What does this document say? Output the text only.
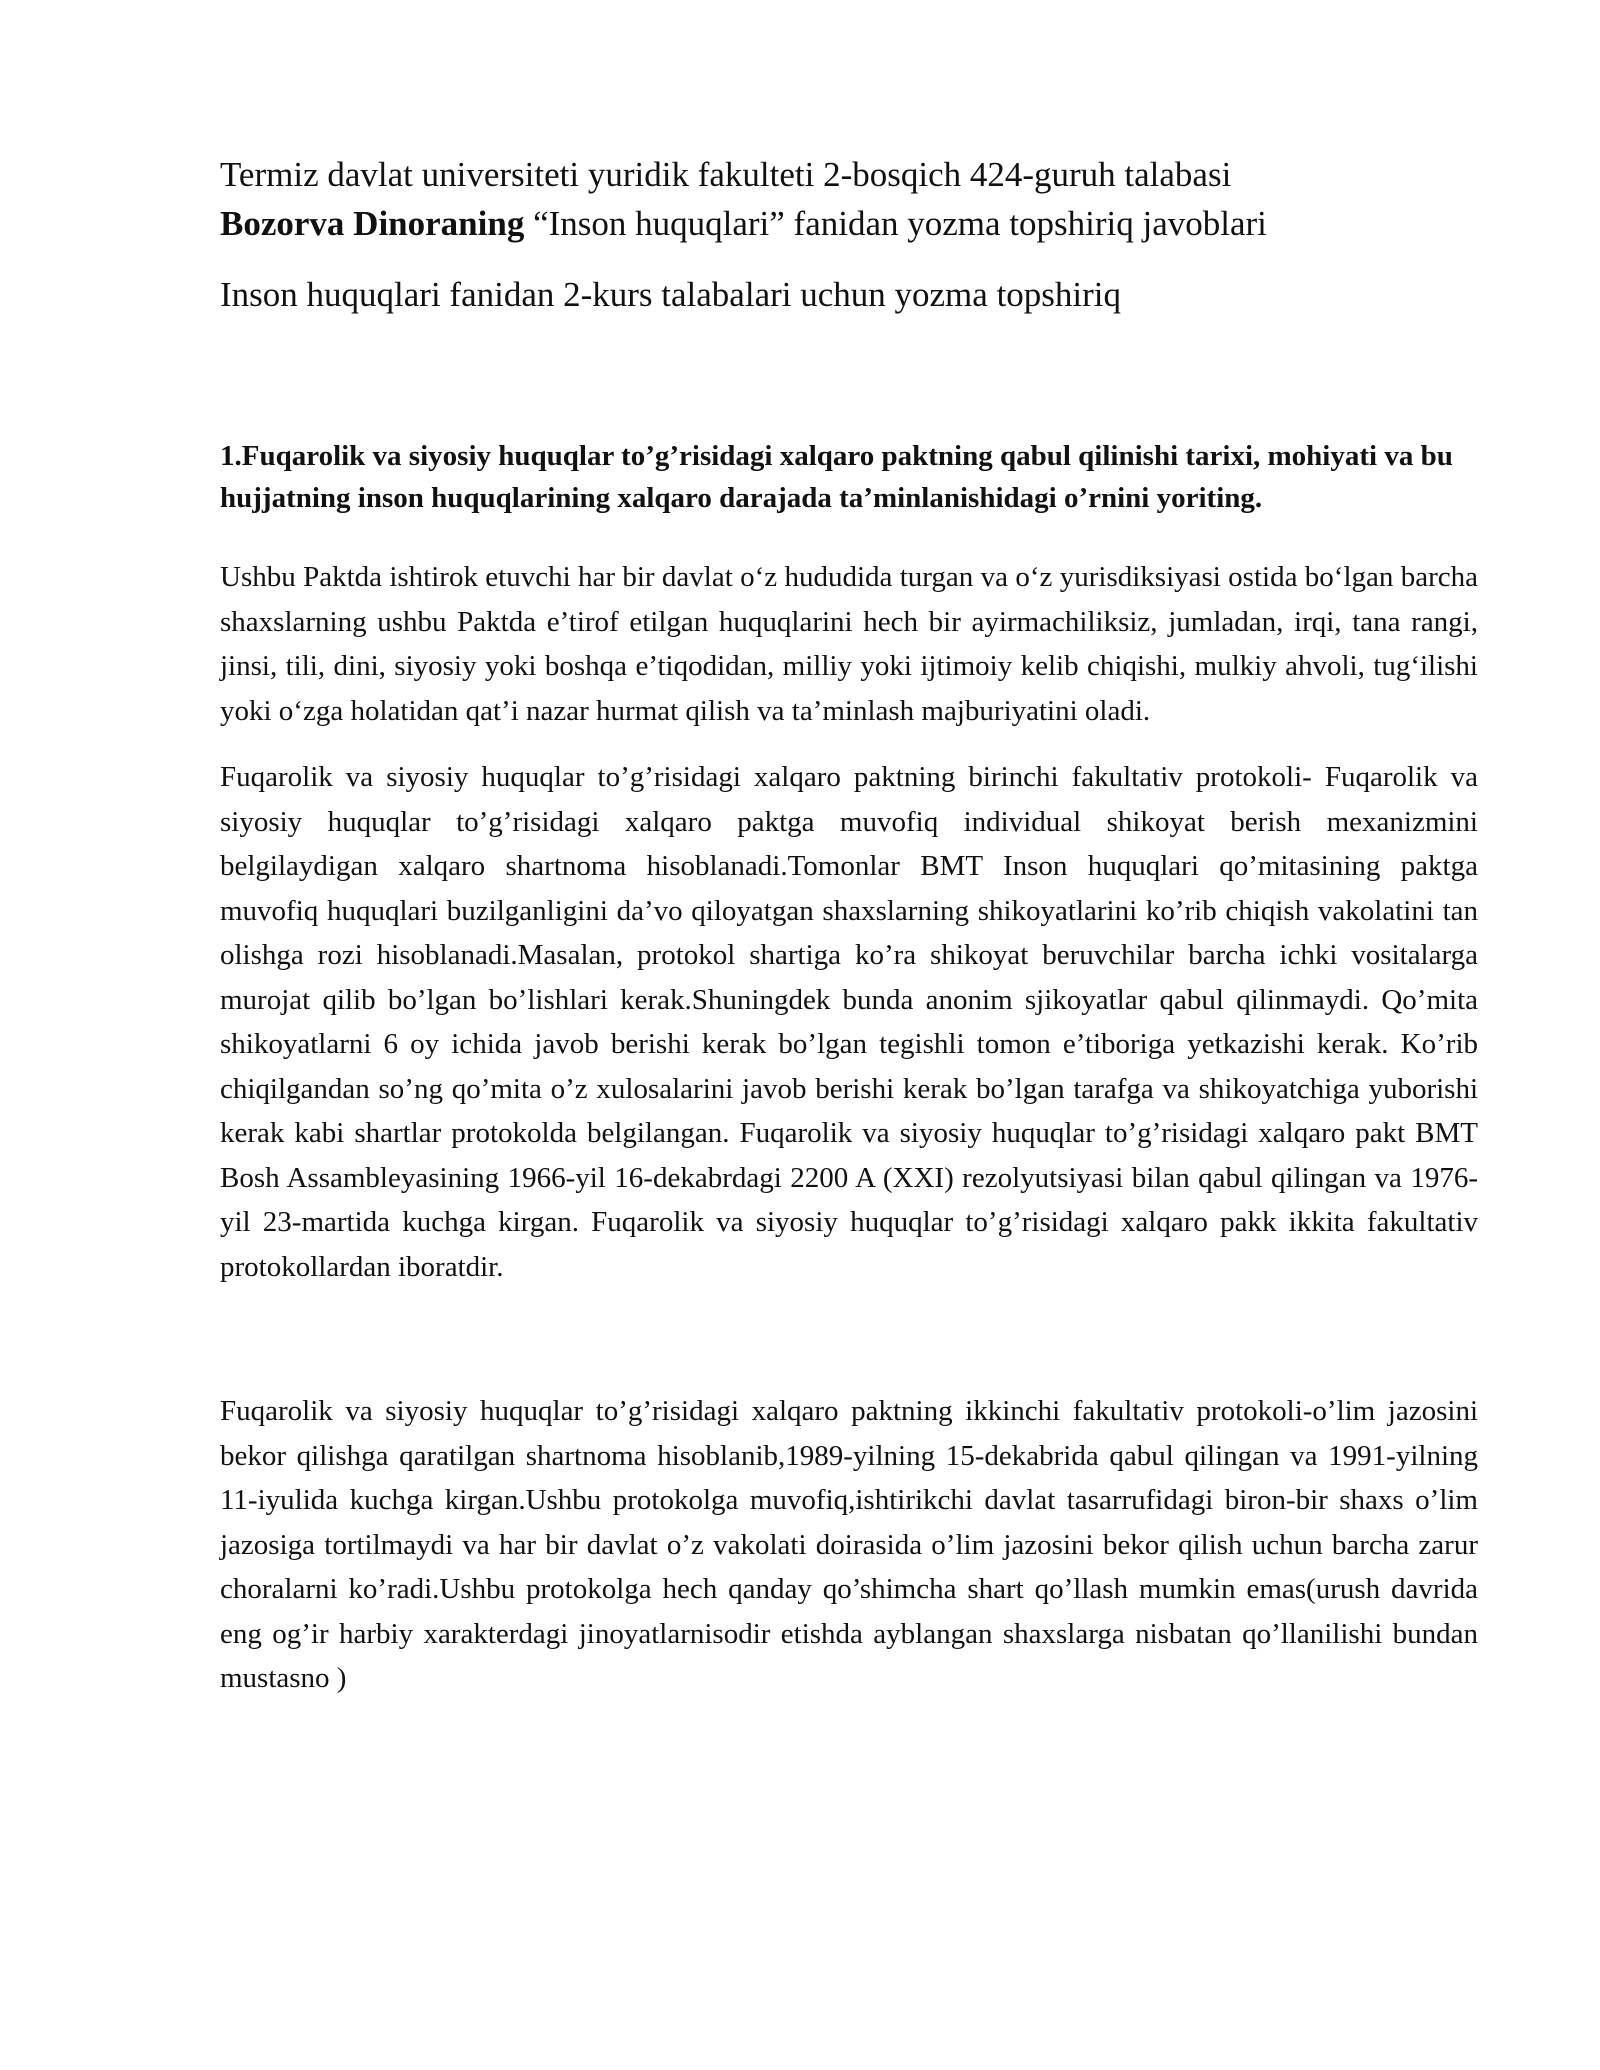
Termiz davlat universiteti yuridik fakulteti 2-bosqich 424-guruh talabasi

Bozorva Dinoraning “Inson huquqlari” fanidan yozma topshiriq javoblari

Inson huquqlari fanidan 2-kurs talabalari uchun yozma topshiriq

1.Fuqarolik va siyosiy huquqlar to’g’risidagi xalqaro paktning qabul qilinishi tarixi, mohiyati va bu hujjatning inson huquqlarining xalqaro darajada ta’minlanishidagi o’rnini yoriting.

Ushbu Paktda ishtirok etuvchi har bir davlat o‘z hududida turgan va o‘z yurisdiksiyasi ostida bo‘lgan barcha shaxslarning ushbu Paktda e’tirof etilgan huquqlarini hech bir ayirmachiliksiz, jumladan, irqi, tana rangi, jinsi, tili, dini, siyosiy yoki boshqa e’tiqodidan, milliy yoki ijtimoiy kelib chiqishi, mulkiy ahvoli, tug‘ilishi yoki o‘zga holatidan qat’i nazar hurmat qilish va ta’minlash majburiyatini oladi.

Fuqarolik va siyosiy huquqlar to’g’risidagi xalqaro paktning birinchi fakultativ protokoli- Fuqarolik va siyosiy huquqlar to’g’risidagi xalqaro paktga muvofiq individual shikoyat berish mexanizmini belgilaydigan xalqaro shartnoma hisoblanadi.Tomonlar BMT Inson huquqlari qo’mitasining paktga muvofiq huquqlari buzilganligini da’vo qiloyatgan shaxslarning shikoyatlarini ko’rib chiqish vakolatini tan olishga rozi hisoblanadi.Masalan, protokol shartiga ko’ra shikoyat beruvchilar barcha ichki vositalarga murojat qilib bo’lgan bo’lishlari kerak.Shuningdek bunda anonim sjikoyatlar qabul qilinmaydi. Qo’mita shikoyatlarni 6 oy ichida javob berishi kerak bo’lgan tegishli tomon e’tiboriga yetkazishi kerak. Ko’rib chiqilgandan so’ng qo’mita o’z xulosalarini javob berishi kerak bo’lgan tarafga va shikoyatchiga yuborishi kerak kabi shartlar protokolda belgilangan. Fuqarolik va siyosiy huquqlar to’g’risidagi xalqaro pakt BMT Bosh Assambleyasining 1966-yil 16-dekabrdagi 2200 A (XXI) rezolyutsiyasi bilan qabul qilingan va 1976-yil 23-martida kuchga kirgan. Fuqarolik va siyosiy huquqlar to’g’risidagi xalqaro pakk ikkita fakultativ protokollardan iboratdir.

Fuqarolik va siyosiy huquqlar to’g’risidagi xalqaro paktning ikkinchi fakultativ protokoli-o’lim jazosini bekor qilishga qaratilgan shartnoma hisoblanib,1989-yilning 15-dekabrida qabul qilingan va 1991-yilning 11-iyulida kuchga kirgan.Ushbu protokolga muvofiq,ishtirikchi davlat tasarrufidagi biron-bir shaxs o’lim jazosiga tortilmaydi va har bir davlat o’z vakolati doirasida o’lim jazosini bekor qilish uchun barcha zarur choralarni ko’radi.Ushbu protokolga hech qanday qo’shimcha shart qo’llash mumkin emas(urush davrida eng og’ir harbiy xarakterdagi jinoyatlarnisodir etishda ayblangan shaxslarga nisbatan qo’llanilishi bundan mustasno )
